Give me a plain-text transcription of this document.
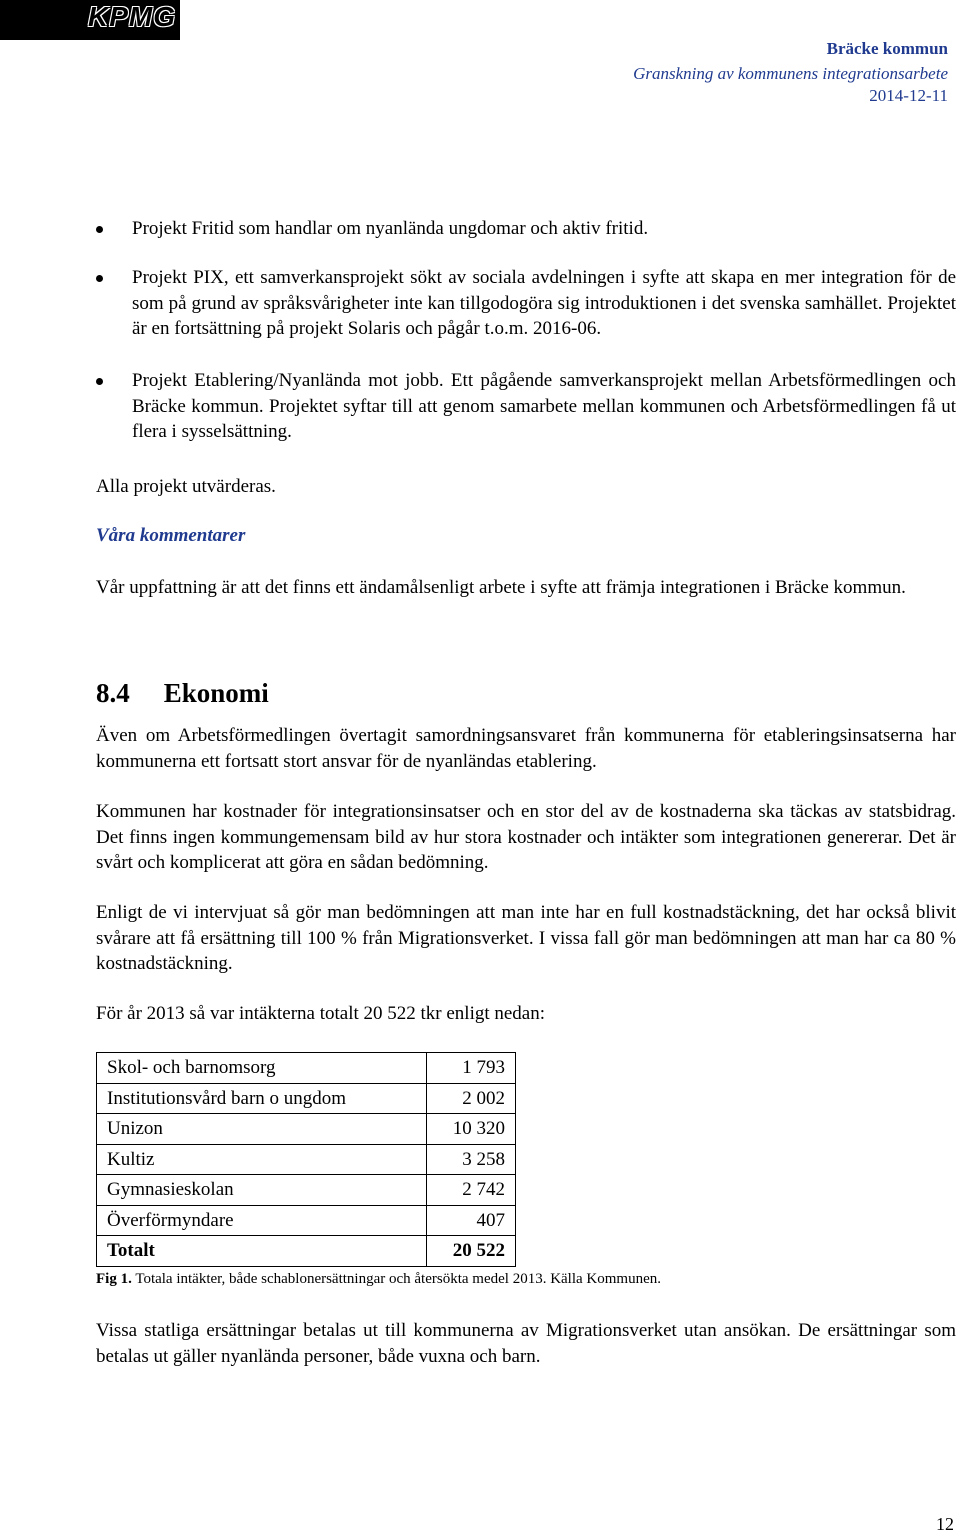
KPMG
Bräcke kommun
Granskning av kommunens integrationsarbete
2014-12-11
Projekt Fritid som handlar om nyanlända ungdomar och aktiv fritid.
Projekt PIX, ett samverkansprojekt sökt av sociala avdelningen i syfte att skapa en mer integration för de som på grund av språksvårigheter inte kan tillgodogöra sig introduktionen i det svenska samhället. Projektet är en fortsättning på projekt Solaris och pågår t.o.m. 2016-06.
Projekt Etablering/Nyanlända mot jobb. Ett pågående samverkansprojekt mellan Arbetsförmedlingen och Bräcke kommun. Projektet syftar till att genom samarbete mellan kommunen och Arbetsförmedlingen få ut flera i sysselsättning.
Alla projekt utvärderas.
Våra kommentarer
Vår uppfattning är att det finns ett ändamålsenligt arbete i syfte att främja integrationen i Bräcke kommun.
8.4 Ekonomi
Även om Arbetsförmedlingen övertagit samordningsansvaret från kommunerna för etableringsinsatserna har kommunerna ett fortsatt stort ansvar för de nyanländas etablering.
Kommunen har kostnader för integrationsinsatser och en stor del av de kostnaderna ska täckas av statsbidrag. Det finns ingen kommungemensam bild av hur stora kostnader och intäkter som integrationen genererar. Det är svårt och komplicerat att göra en sådan bedömning.
Enligt de vi intervjuat så gör man bedömningen att man inte har en full kostnadstäckning, det har också blivit svårare att få ersättning till 100 % från Migrationsverket. I vissa fall gör man bedömningen att man har ca 80 % kostnadstäckning.
För år 2013 så var intäkterna totalt 20 522 tkr enligt nedan:
Skol- och barnomsorg	1 793
Institutionsvård barn o ungdom	2 002
Unizon	10 320
Kultiz	3 258
Gymnasieskolan	2 742
Överförmyndare	407
Totalt	20 522
Fig 1. Totala intäkter, både schablonersättningar och återsökta medel 2013. Källa Kommunen.
Vissa statliga ersättningar betalas ut till kommunerna av Migrationsverket utan ansökan. De ersättningar som betalas ut gäller nyanlända personer, både vuxna och barn.
12
